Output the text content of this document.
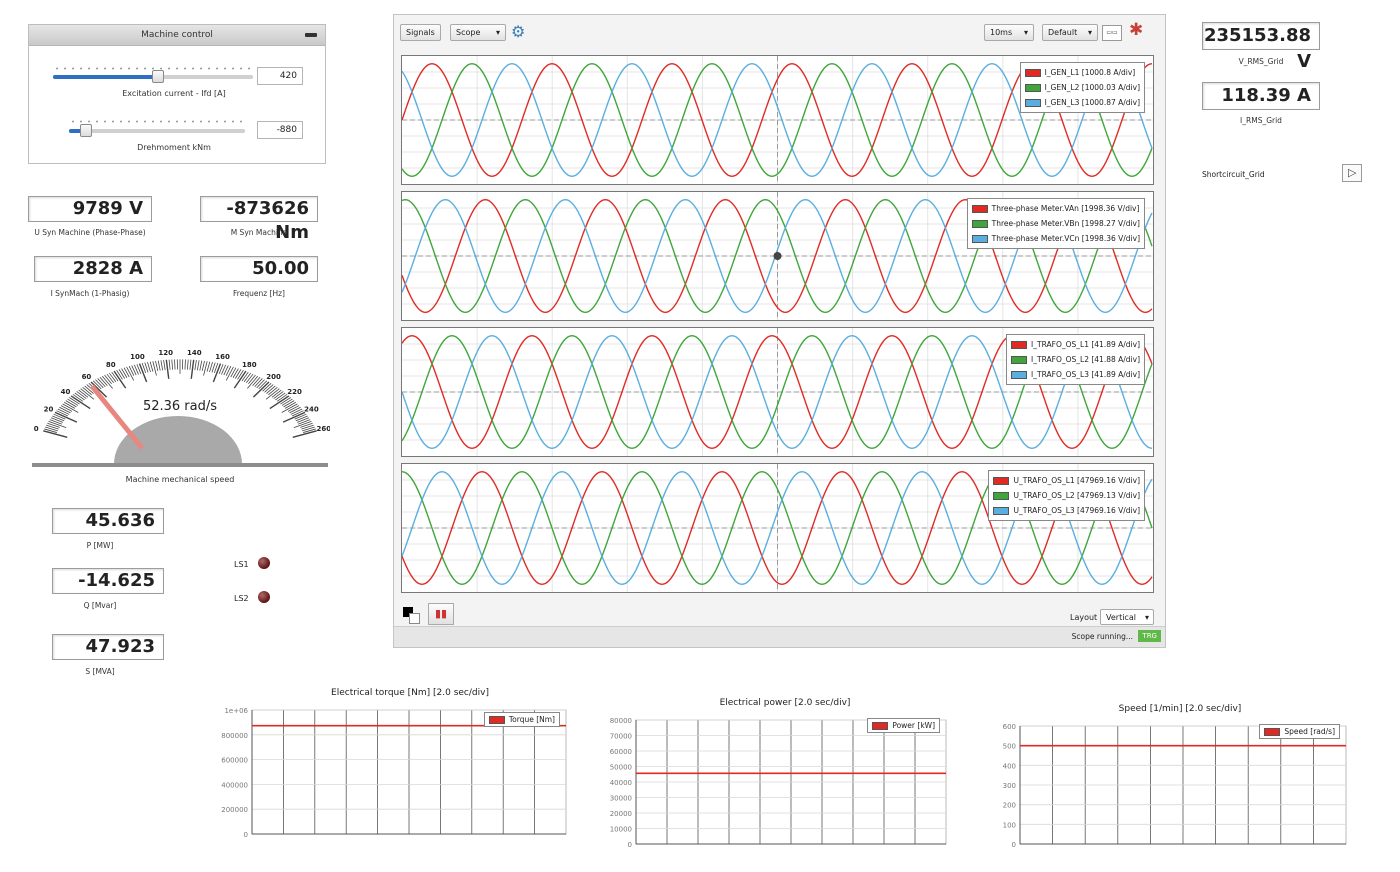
Machine control
420
Excitation current - Ifd [A]
-880
Drehmoment kNm
9789 V
U Syn Machine (Phase-Phase)
-873626 Nm
M Syn Machine
2828 A
I SynMach (1-Phasig)
50.00
Frequenz [Hz]
0
20
40
60
80
100
120 140
160
180
200
220
240
260
52.36 rad/s
Machine mechanical speed
45.636
P [MW]
-14.625
Q [Mvar]
47.923
S [MVA]
LS1
LS2
Signals	Scope ▾ ⚙	10ms ▾	Default ▾	▭▭ ✱
I_GEN_L1 [1000.8 A/div]
I_GEN_L2 [1000.03 A/div]
I_GEN_L3 [1000.87 A/div]
Three-phase Meter.VAn [1998.36 V/div]
Three-phase Meter.VBn [1998.27 V/div]
Three-phase Meter.VCn [1998.36 V/div]
I_TRAFO_OS_L1 [41.89 A/div]
I_TRAFO_OS_L2 [41.88 A/div]
I_TRAFO_OS_L3 [41.89 A/div]
U_TRAFO_OS_L1 [47969.16 V/div]
U_TRAFO_OS_L2 [47969.13 V/div]
U_TRAFO_OS_L3 [47969.16 V/div]
▮▮	Layout	Vertical ▾
Scope running...	TRG
235153.88 V
V_RMS_Grid
118.39 A
I_RMS_Grid
Shortcircuit_Grid	▷
Electrical torque [Nm] [2.0 sec/div]
1e+06
800000
600000
400000
200000
0
Torque [Nm]
Electrical power [2.0 sec/div]
80000
70000
60000
50000
40000
30000
20000
10000
0
Power [kW]
Speed [1/min] [2.0 sec/div]
600
500
400
300
200
100
0
Speed [rad/s]
